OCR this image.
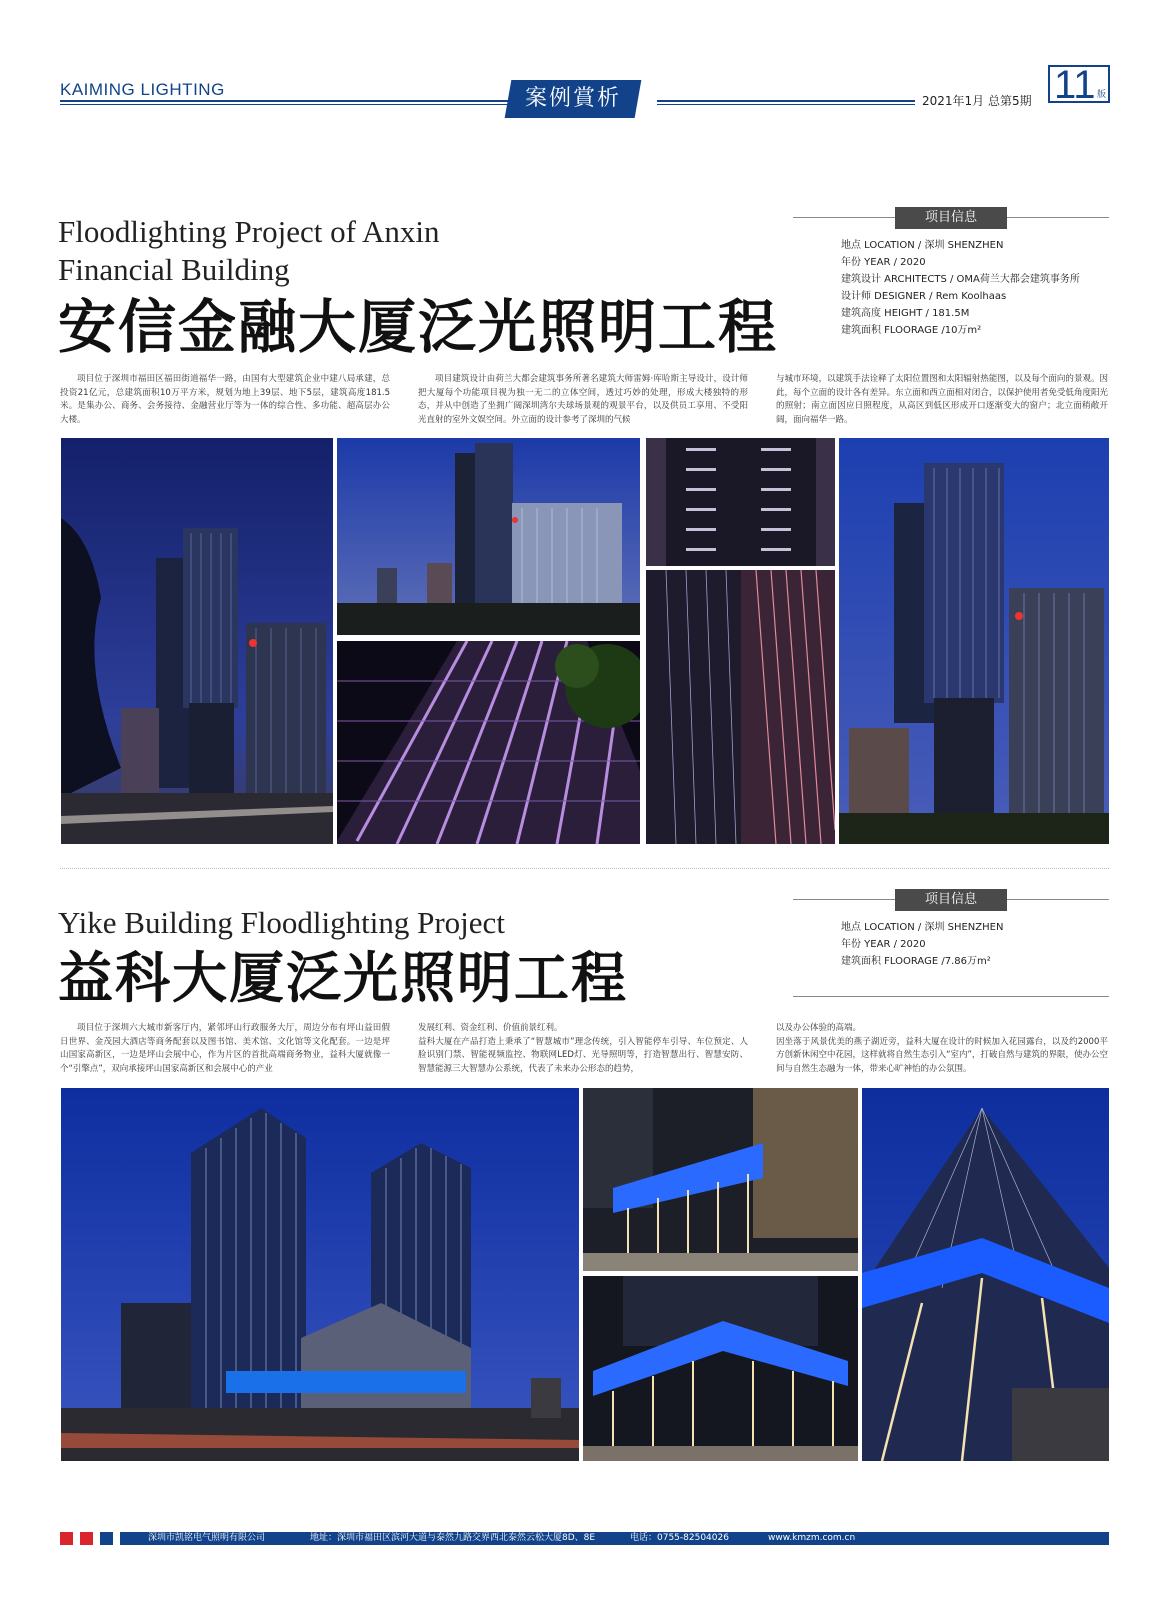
KAIMING LIGHTING	案例賞析	2021年1月 总第5期 11 版
Floodlighting Project of Anxin
Financial Building
安信金融大厦泛光照明工程
项目信息
地点 LOCATION / 深圳 SHENZHEN
年份 YEAR / 2020
建筑设计 ARCHITECTS / OMA荷兰大都会建筑事务所
设计师 DESIGNER / Rem Koolhaas
建筑高度 HEIGHT / 181.5M
建筑面积 FLOORAGE /10万m²
项目位于深圳市福田区福田街道福华一路，由国有大型建筑企业中建八局承建，总投资21亿元，总建筑面积10万平方米，规划为地上39层、地下5层，建筑高度181.5米。是集办公、商务、会务接待、金融营业厅等为一体的综合性、多功能、超高层办公大楼。
项目建筑设计由荷兰大都会建筑事务所著名建筑大师雷姆·库哈斯主导设计，设计师把大厦每个功能项目视为独一无二的立体空间，透过巧妙的处理，形成大楼独特的形态，并从中创造了坐拥广阔深圳湾尔夫球场景观的观景平台，以及供员工享用、不受阳光直射的室外文娱空间。外立面的设计参考了深圳的气候
与城市环境，以建筑手法诠释了太阳位置图和太阳辐射热能图，以及每个面向的景观。因此，每个立面的设计各有差异。东立面和西立面相对闭合，以保护使用者免受低角度阳光的照射；南立面因应日照程度，从高区到低区形成开口逐渐变大的窗户；北立面稍敞开阔，面向福华一路。
Yike Building Floodlighting Project
益科大厦泛光照明工程
项目信息
地点 LOCATION / 深圳 SHENZHEN
年份 YEAR / 2020
建筑面积 FLOORAGE /7.86万m²
项目位于深圳六大城市新客厅内，紧邻坪山行政服务大厅，周边分布有坪山益田假日世界、金茂园大酒店等商务配套以及图书馆、美术馆、文化馆等文化配套。一边是坪山国家高新区，一边是坪山会展中心，作为片区的首批高端商务物业，益科大厦就像一个“引擎点”，双向承接坪山国家高新区和会展中心的产业
发展红利、资金红利、价值前景红利。
益科大厦在产品打造上秉承了“智慧城市”理念传统，引入智能停车引导、车位预定、人脸识别门禁、智能视频监控、物联网LED灯、光导照明等，打造智慧出行、智慧安防、智慧能源三大智慧办公系统，代表了未来办公形态的趋势，
以及办公体验的高端。
因坐落于风景优美的燕子湖近旁，益科大厦在设计的时候加入花园露台，以及约2000平方创新休闲空中花园，这样就将自然生态引入“室内”，打破自然与建筑的界限，使办公空间与自然生态融为一体，带来心旷神怡的办公氛围。
深圳市凯铭电气照明有限公司	地址：深圳市福田区滨河大道与泰然九路交界西北泰然云松大厦8D、8E	电话：0755-82504026	www.kmzm.com.cn
